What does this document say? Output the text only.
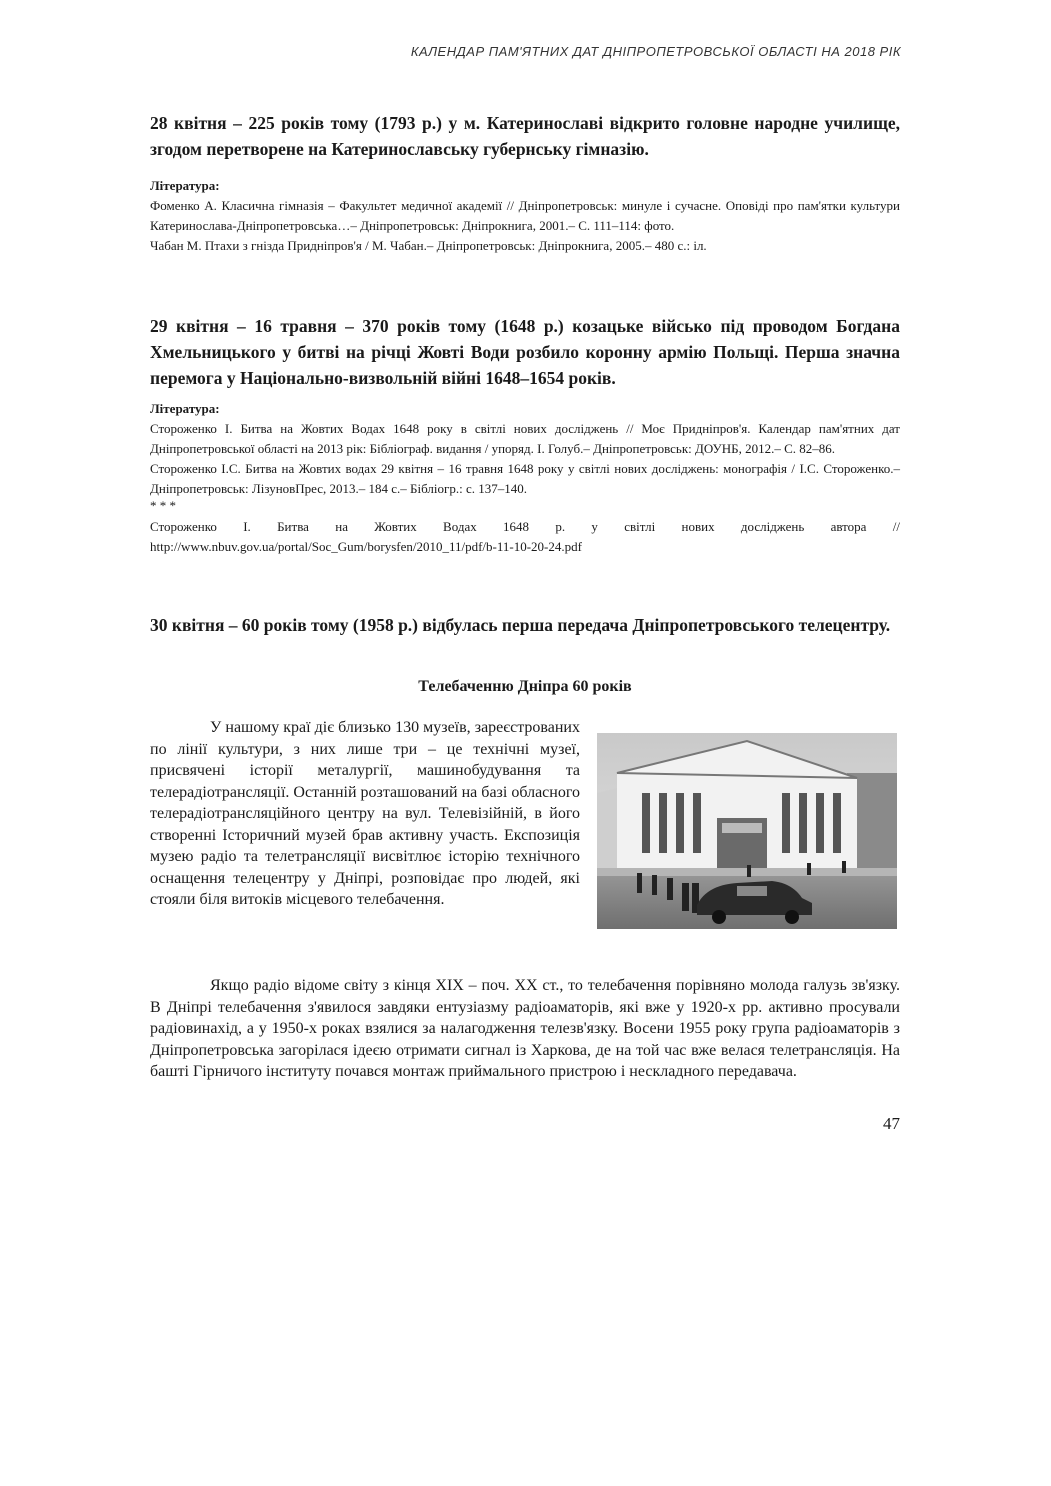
КАЛЕНДАР ПАМ'ЯТНИХ ДАТ ДНІПРОПЕТРОВСЬКОЇ ОБЛАСТІ НА 2018 РІК
28 квітня – 225 років тому (1793 р.) у м. Катеринославі відкрито головне народне училище, згодом перетворене на Катеринославську губернську гімназію.
Література:

Фоменко А. Класична гімназія – Факультет медичної академії // Дніпропетровськ: минуле і сучасне. Оповіді про пам'ятки культури Катеринослава-Дніпропетровська…– Дніпропетровськ: Дніпрокнига, 2001.– С. 111–114: фото.

Чабан М. Птахи з гнізда Придніпров'я / М. Чабан.– Дніпропетровськ: Дніпрокнига, 2005.– 480 с.: іл.

29 квітня – 16 травня – 370 років тому (1648 р.) козацьке військо під проводом Богдана Хмельницького у битві на річці Жовті Води розбило коронну армію Польщі. Перша значна перемога у Національно-визвольній війні 1648–1654 років.
Література:

Стороженко І. Битва на Жовтих Водах 1648 року в світлі нових досліджень // Моє Придніпров'я. Календар пам'ятних дат Дніпропетровської області на 2013 рік: Бібліограф. видання / упоряд. І. Голуб.– Дніпропетровськ: ДОУНБ, 2012.– С. 82–86.

Стороженко І.С. Битва на Жовтих водах 29 квітня – 16 травня 1648 року у світлі нових досліджень: монографія / І.С. Стороженко.– Дніпропетровськ: ЛізуновПрес, 2013.– 184 с.– Бібліогр.: с. 137–140.

* * *

Стороженко І. Битва на Жовтих Водах 1648 р. у світлі нових досліджень автора // http://www.nbuv.gov.ua/portal/Soc_Gum/borysfen/2010_11/pdf/b-11-10-20-24.pdf

30 квітня – 60 років тому (1958 р.) відбулась перша передача Дніпропетровського телецентру.
Телебаченню Дніпра 60 років

У нашому краї діє близько 130 музеїв, зареєстрованих по лінії культури, з них лише три – це технічні музеї, присвячені історії металургії, машинобудування та телерадіотрансляції. Останній розташований на базі обласного телерадіотрансляційного центру на вул. Телевізійній, в його створенні Історичний музей брав активну участь. Експозиція музею радіо та телетрансляції висвітлює історію технічного оснащення телецентру у Дніпрі, розповідає про людей, які стояли біля витоків місцевого телебачення.

Якщо радіо відоме світу з кінця XIX – поч. XX ст., то телебачення порівняно молода галузь зв'язку. В Дніпрі телебачення з'явилося завдяки ентузіазму радіоаматорів, які вже у 1920-х рр. активно просували радіовинахід, а у 1950-х роках взялися за налагодження телезв'язку. Восени 1955 року група радіоаматорів з Дніпропетровська загорілася ідеєю отримати сигнал із Харкова, де на той час вже велася телетрансляція. На башті Гірничого інституту почався монтаж приймального пристрою і нескладного передавача.

47
